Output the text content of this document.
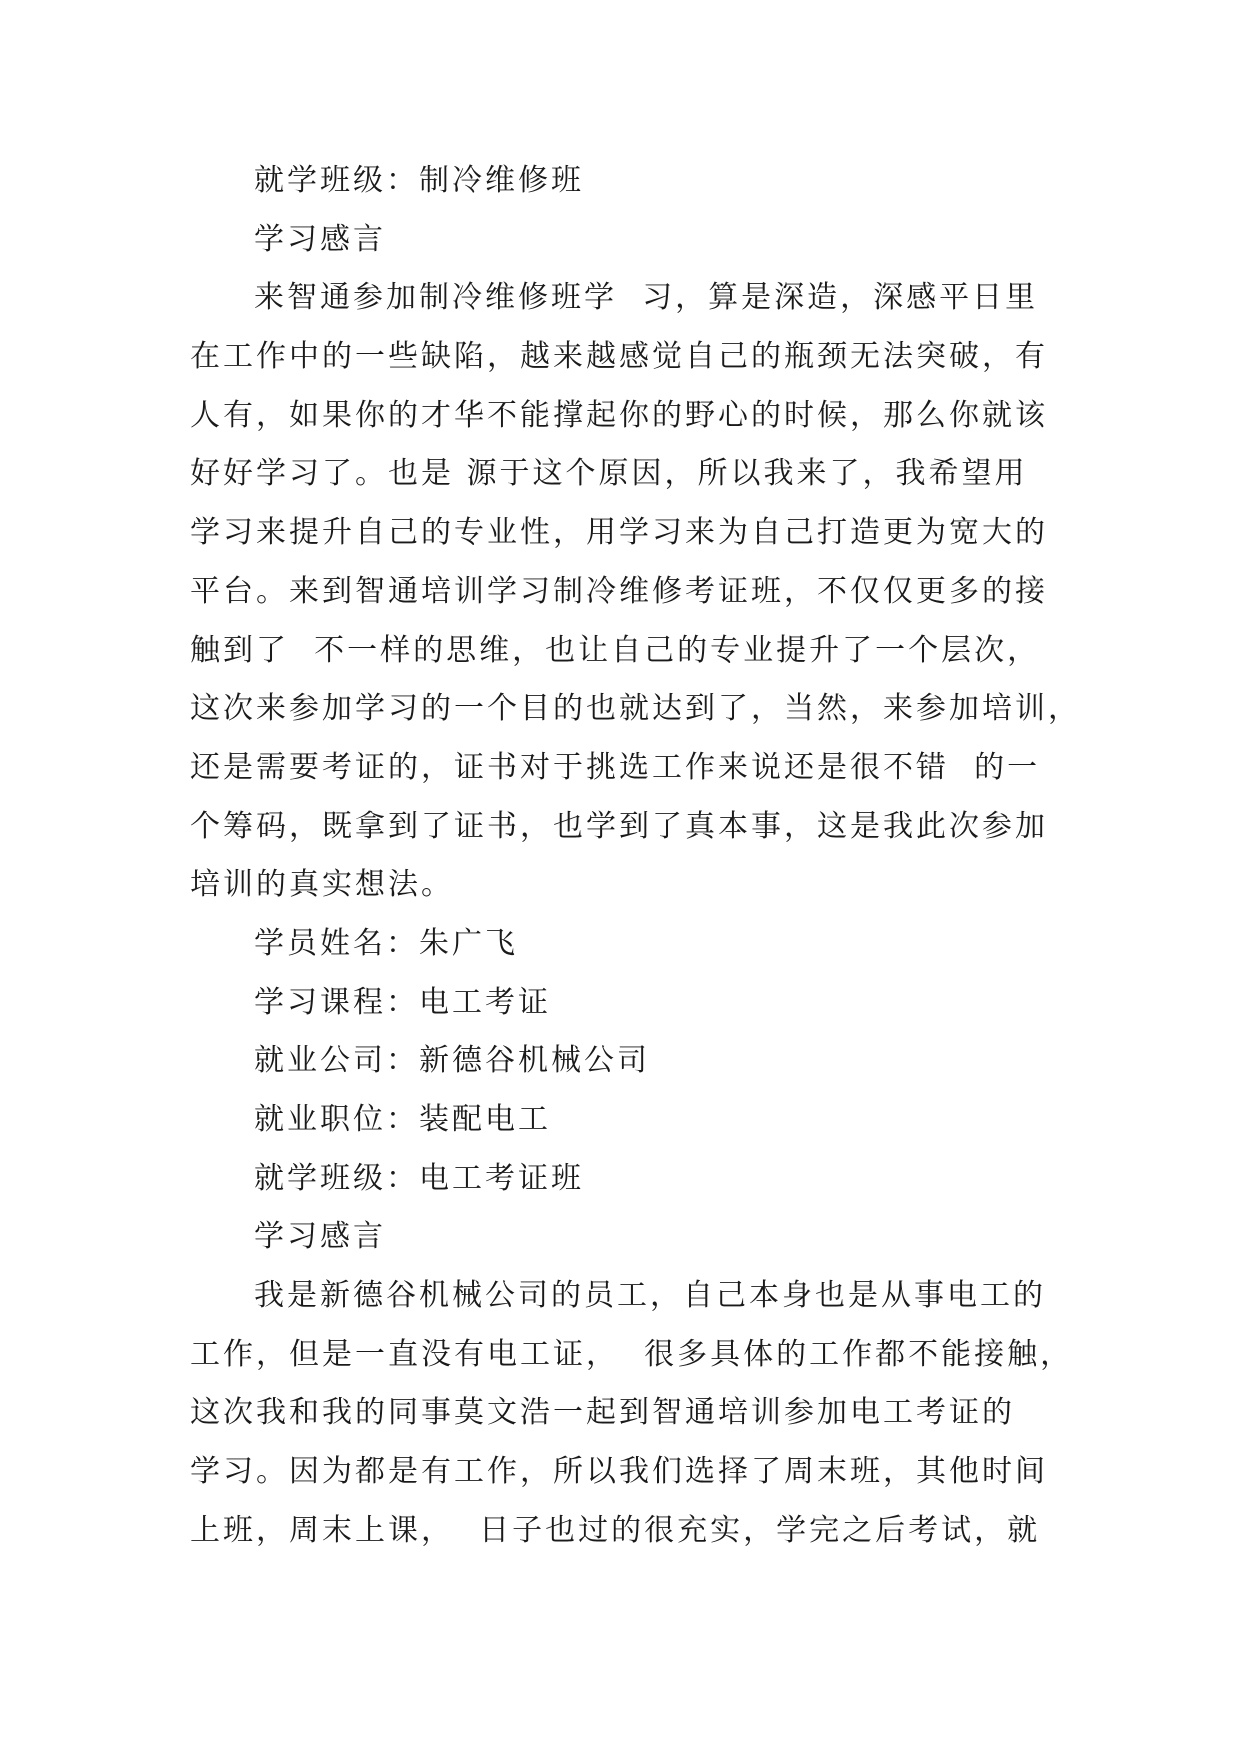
就学班级：制冷维修班
学习感言
来智通参加制冷维修班学  习，算是深造，深感平日里
在工作中的一些缺陷，越来越感觉自己的瓶颈无法突破，有
人有，如果你的才华不能撑起你的野心的时候，那么你就该
好好学习了。也是 源于这个原因，所以我来了，我希望用
学习来提升自己的专业性，用学习来为自己打造更为宽大的
平台。来到智通培训学习制冷维修考证班，不仅仅更多的接
触到了  不一样的思维，也让自己的专业提升了一个层次，
这次来参加学习的一个目的也就达到了，当然，来参加培训，
还是需要考证的，证书对于挑选工作来说还是很不错  的一
个筹码，既拿到了证书，也学到了真本事，这是我此次参加
培训的真实想法。
学员姓名：朱广飞
学习课程：电工考证
就业公司：新德谷机械公司
就业职位：装配电工
就学班级：电工考证班
学习感言
我是新德谷机械公司的员工，自己本身也是从事电工的
工作，但是一直没有电工证，  很多具体的工作都不能接触，
这次我和我的同事莫文浩一起到智通培训参加电工考证的
学习。因为都是有工作，所以我们选择了周末班，其他时间
上班，周末上课，  日子也过的很充实，学完之后考试，就
